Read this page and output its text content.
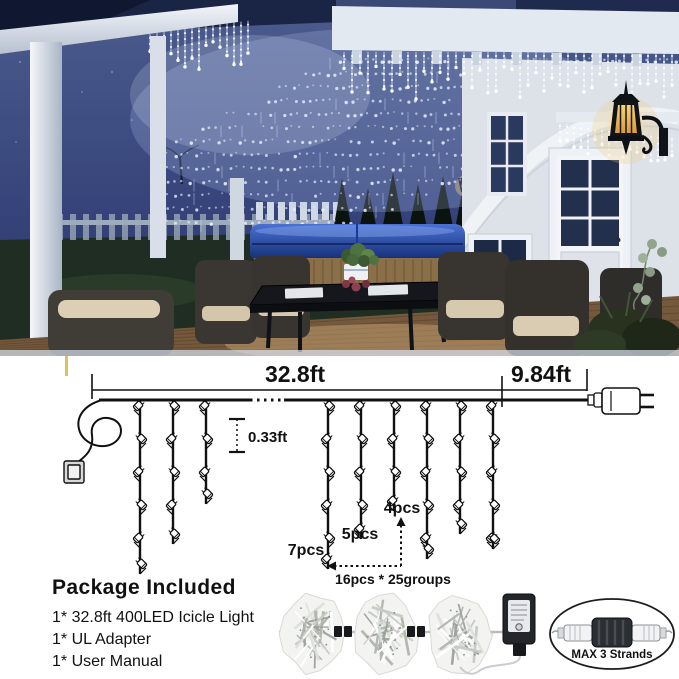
32.8ft	9.84ft
0.33ft
7pcs
5pcs
4pcs
16pcs * 25groups
Package Included
1* 32.8ft 400LED Icicle Light
1* UL Adapter
1* User Manual	MAX 3 Strands
